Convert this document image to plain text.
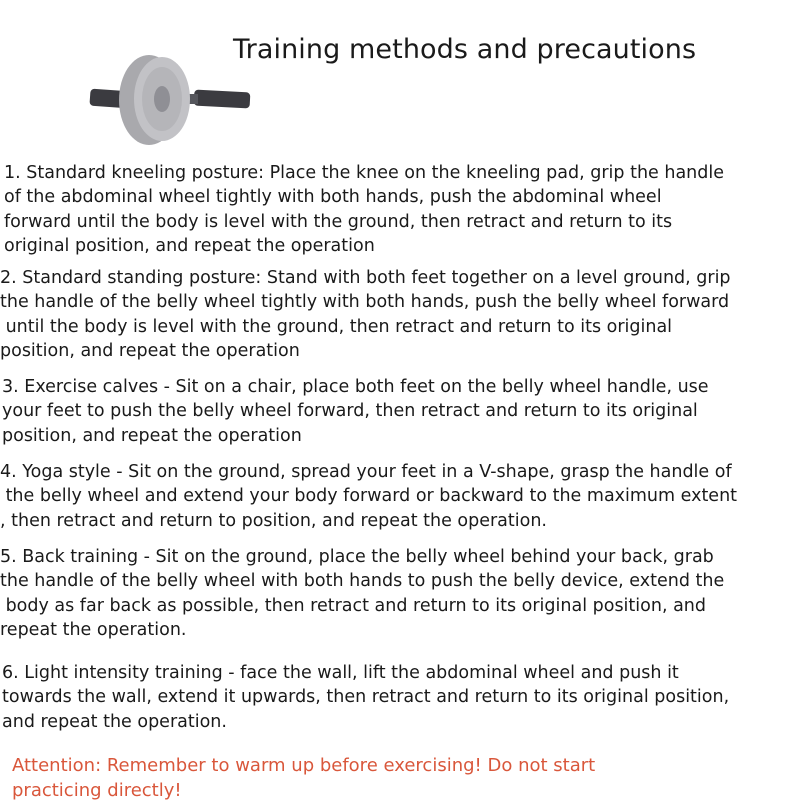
Training methods and precautions
1. Standard kneeling posture: Place the knee on the kneeling pad, grip the handle
of the abdominal wheel tightly with both hands, push the abdominal wheel
forward until the body is level with the ground, then retract and return to its
original position, and repeat the operation
2. Standard standing posture: Stand with both feet together on a level ground, grip
the handle of the belly wheel tightly with both hands, push the belly wheel forward
until the body is level with the ground, then retract and return to its original
position, and repeat the operation
3. Exercise calves - Sit on a chair, place both feet on the belly wheel handle, use
your feet to push the belly wheel forward, then retract and return to its original
position, and repeat the operation
4. Yoga style - Sit on the ground, spread your feet in a V-shape, grasp the handle of
the belly wheel and extend your body forward or backward to the maximum extent
, then retract and return to position, and repeat the operation.
5. Back training - Sit on the ground, place the belly wheel behind your back, grab
the handle of the belly wheel with both hands to push the belly device, extend the
body as far back as possible, then retract and return to its original position, and
repeat the operation.
6. Light intensity training - face the wall, lift the abdominal wheel and push it
towards the wall, extend it upwards, then retract and return to its original position,
and repeat the operation.
Attention: Remember to warm up before exercising! Do not start
practicing directly!
